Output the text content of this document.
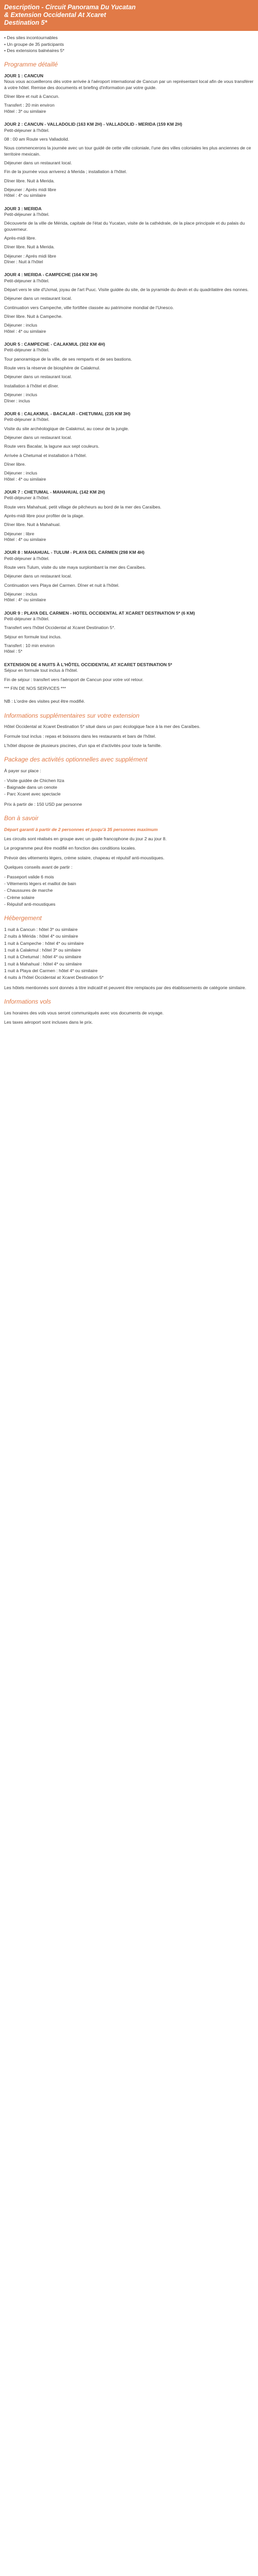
Description - Circuit Panorama Du Yucatan
& Extension Occidental At Xcaret
Destination 5*
• Des sites incontournables
• Un groupe de 35 participants
• Des extensions balnéaires 5*
Programme détaillé
JOUR 1 : CANCUN

Nous vous accueillerons dès votre arrivée à l'aéroport international de Cancun par un représentant local afin de vous transférer à votre hôtel. Remise des documents et briefing d'information par votre guide.

Dîner libre et nuit à Cancun.

Transfert : 20 min environ

Hôtel : 3* ou similaire

JOUR 2 : CANCUN - VALLADOLID (163 KM 2H) - VALLADOLID - MERIDA (159 KM 2H)

Petit-déjeuner à l'hôtel.

08 : 00 am Route vers Valladolid.

Nous commencerons la journée avec un tour guidé de cette ville coloniale, l'une des villes coloniales les plus anciennes de ce territoire mexicain.

Déjeuner dans un restaurant local.

Fin de la journée vous arriverez à Merida ; installation à l'hôtel.

Dîner libre. Nuit à Merida.

Déjeuner : Aprés midi libre

Hôtel : 4* ou similaire

JOUR 3 : MERIDA

Petit-déjeuner à l'hôtel.

Découverte de la ville de Mérida, capitale de l'état du Yucatan, visite de la cathédrale, de la place principale et du palais du gouverneur.

Après-midi libre.

Dîner libre. Nuit à Merida.

Déjeuner : Aprés midi libre

Dîner : Nuit à l'hôtel

JOUR 4 : MERIDA - CAMPECHE (164 KM 3H)

Petit-déjeuner à l'hôtel.

Départ vers le site d'Uxmal, joyau de l'art Puuc. Visite guidée du site, de la pyramide du devin et du quadrilatère des nonnes.

Déjeuner dans un restaurant local.

Continuation vers Campeche, ville fortifiée classée au patrimoine mondial de l'Unesco.

Dîner libre. Nuit à Campeche.

Déjeuner : inclus

Hôtel : 4* ou similaire

JOUR 5 : CAMPECHE - CALAKMUL (302 KM 4H)

Petit-déjeuner à l'hôtel.

Tour panoramique de la ville, de ses remparts et de ses bastions.

Route vers la réserve de biosphère de Calakmul.

Déjeuner dans un restaurant local.

Installation à l'hôtel et dîner.

Déjeuner : inclus

Dîner : inclus

JOUR 6 : CALAKMUL - BACALAR - CHETUMAL (235 KM 3H)

Petit-déjeuner à l'hôtel.

Visite du site archéologique de Calakmul, au coeur de la jungle.

Déjeuner dans un restaurant local.

Route vers Bacalar, la lagune aux sept couleurs.

Arrivée à Chetumal et installation à l'hôtel.

Dîner libre.

Déjeuner : inclus

Hôtel : 4* ou similaire

JOUR 7 : CHETUMAL - MAHAHUAL (142 KM 2H)

Petit-déjeuner à l'hôtel.

Route vers Mahahual, petit village de pêcheurs au bord de la mer des Caraïbes.

Après-midi libre pour profiter de la plage.

Dîner libre. Nuit à Mahahual.

Déjeuner : libre

Hôtel : 4* ou similaire

JOUR 8 : MAHAHUAL - TULUM - PLAYA DEL CARMEN (298 KM 4H)

Petit-déjeuner à l'hôtel.

Route vers Tulum, visite du site maya surplombant la mer des Caraïbes.

Déjeuner dans un restaurant local.

Continuation vers Playa del Carmen. Dîner et nuit à l'hôtel.

Déjeuner : inclus

Hôtel : 4* ou similaire

JOUR 9 : PLAYA DEL CARMEN - HOTEL OCCIDENTAL AT XCARET DESTINATION 5* (6 KM)

Petit-déjeuner à l'hôtel.

Transfert vers l'hôtel Occidental at Xcaret Destination 5*.

Séjour en formule tout inclus.

Transfert : 10 min environ

Hôtel : 5*

EXTENSION DE 4 NUITS À L'HÔTEL OCCIDENTAL AT XCARET DESTINATION 5*

Séjour en formule tout inclus à l'hôtel.

Fin de séjour : transfert vers l'aéroport de Cancun pour votre vol retour.

*** FIN DE NOS SERVICES ***

NB : L'ordre des visites peut être modifié.

Informations supplémentaires sur votre extension

Hôtel Occidental at Xcaret Destination 5* situé dans un parc écologique face à la mer des Caraïbes.

Formule tout inclus : repas et boissons dans les restaurants et bars de l'hôtel.

L'hôtel dispose de plusieurs piscines, d'un spa et d'activités pour toute la famille.

Package des activités optionnelles avec supplément

À payer sur place :

- Visite guidée de Chichen Itza
- Baignade dans un cenote
- Parc Xcaret avec spectacle

Prix à partir de : 150 USD par personne

Bon à savoir

Départ garanti à partir de 2 personnes et jusqu'à 35 personnes maximum

Les circuits sont réalisés en groupe avec un guide francophone du jour 2 au jour 8.

Le programme peut être modifié en fonction des conditions locales.

Prévoir des vêtements légers, crème solaire, chapeau et répulsif anti-moustiques.

Quelques conseils avant de partir :

- Passeport valide 6 mois
- Vêtements légers et maillot de bain
- Chaussures de marche
- Crème solaire
- Répulsif anti-moustiques
Hébergement
1 nuit à Cancun : hôtel 3* ou similaire
2 nuits à Mérida : hôtel 4* ou similaire
1 nuit à Campeche : hôtel 4* ou similaire
1 nuit à Calakmul : hôtel 3* ou similaire
1 nuit à Chetumal : hôtel 4* ou similaire
1 nuit à Mahahual : hôtel 4* ou similaire
1 nuit à Playa del Carmen : hôtel 4* ou similaire
4 nuits à l'hôtel Occidental at Xcaret Destination 5*

Les hôtels mentionnés sont donnés à titre indicatif et peuvent être remplacés par des établissements de catégorie similaire.

Informations vols

Les horaires des vols vous seront communiqués avec vos documents de voyage.

Les taxes aéroport sont incluses dans le prix.
